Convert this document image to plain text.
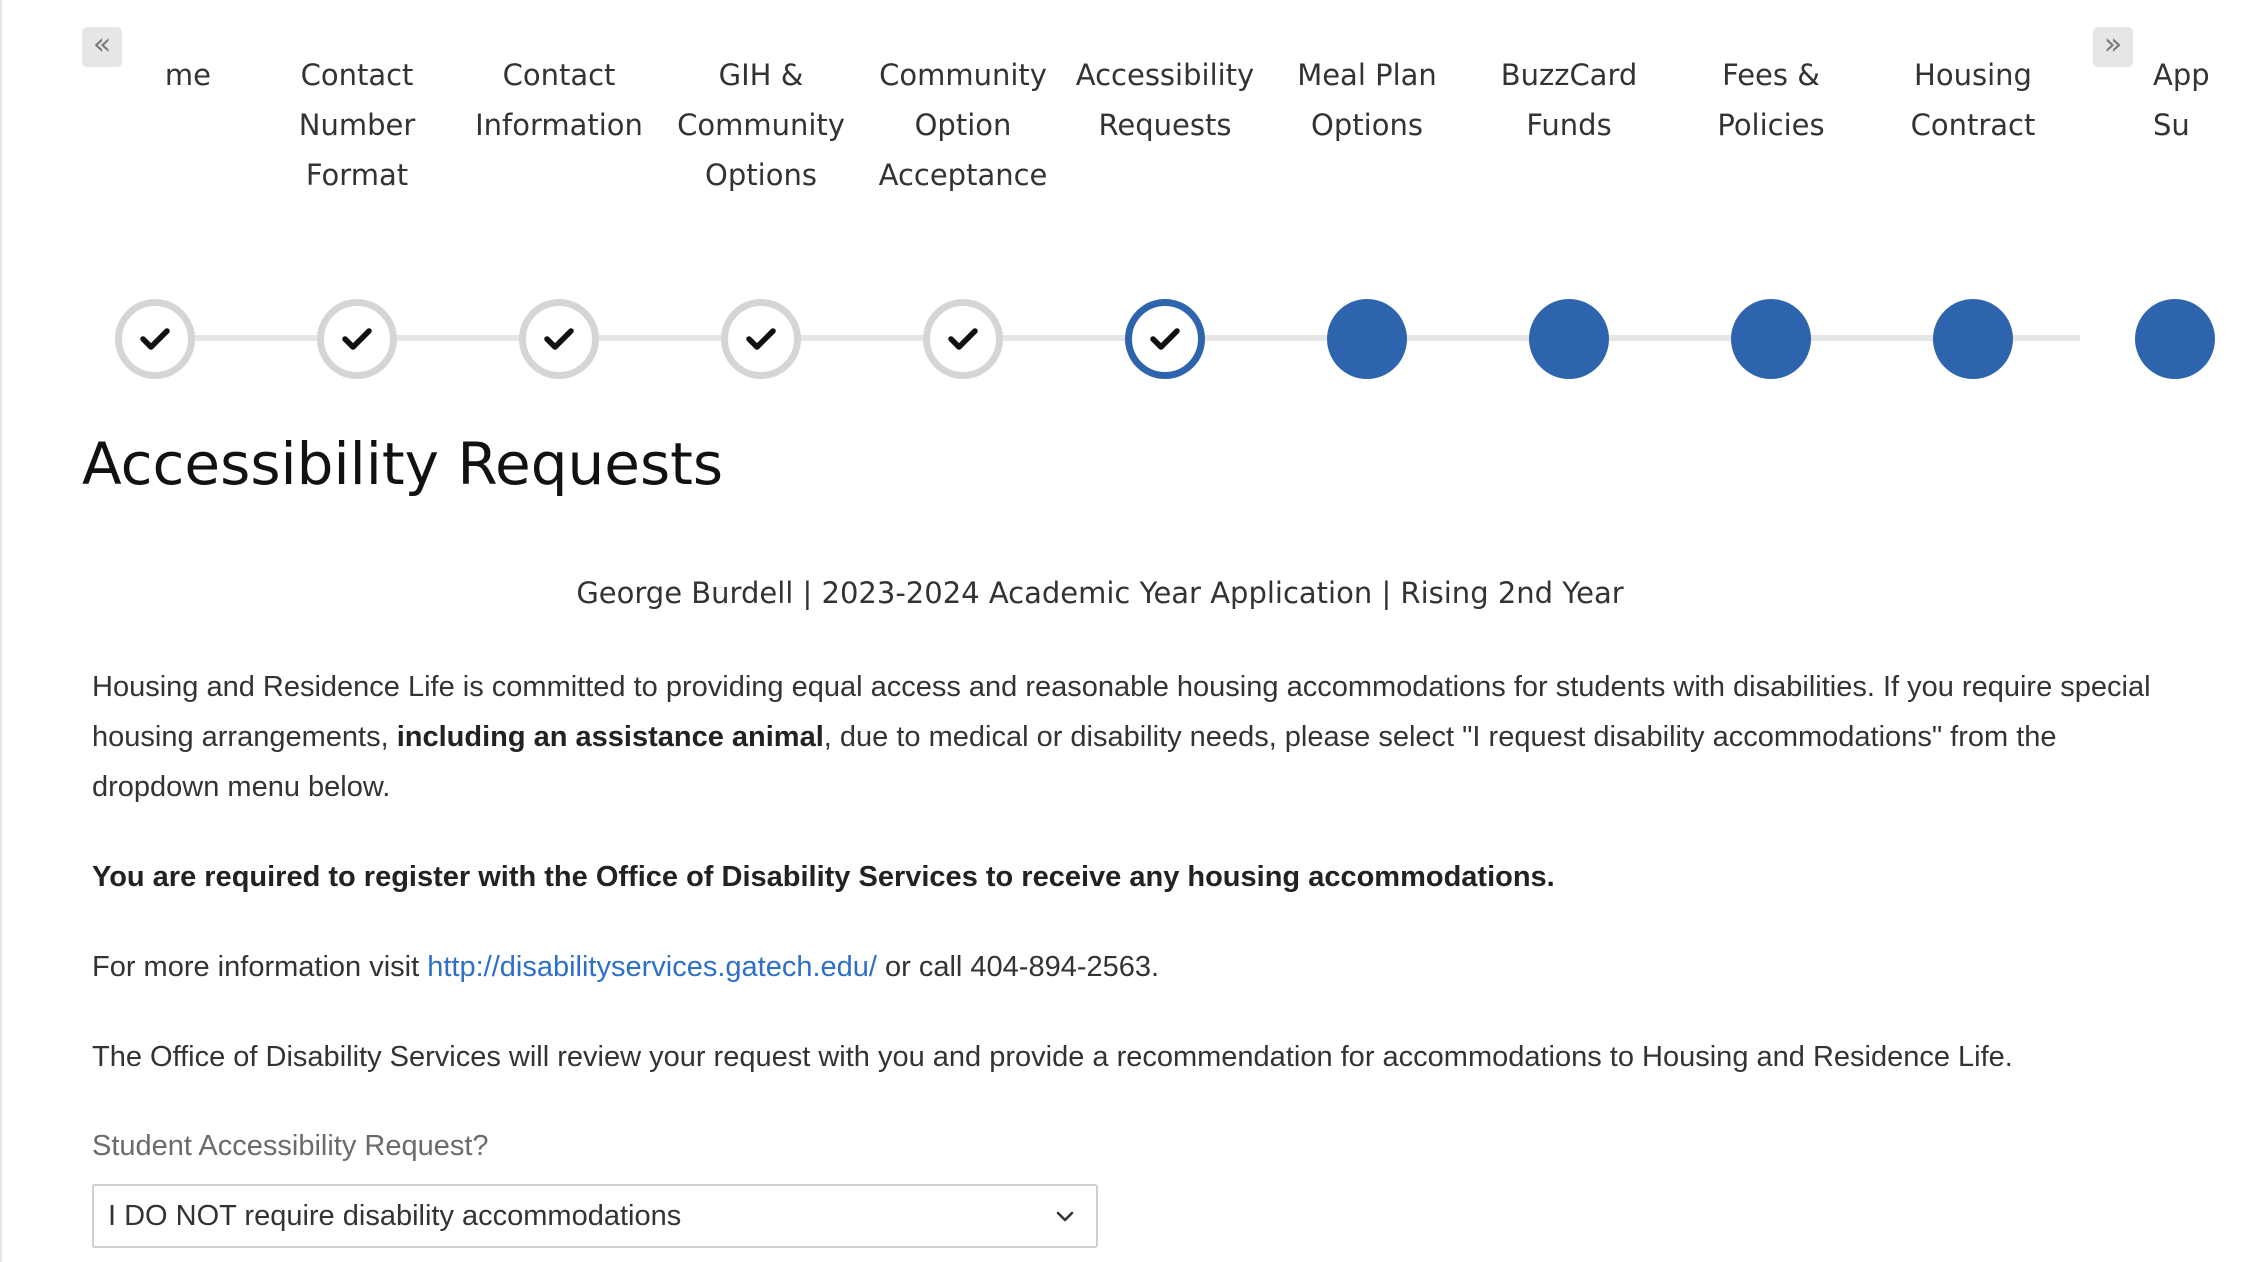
«	»
me	Contact Number Format
Contact Information
GIH & Community Options
Community Option Acceptance
Accessibility Requests
Meal Plan Options
BuzzCard Funds
Fees & Policies
Housing Contract
App Su
Accessibility Requests
George Burdell | 2023-2024 Academic Year Application | Rising 2nd Year

Housing and Residence Life is committed to providing equal access and reasonable housing accommodations for students with disabilities. If you require special housing arrangements, including an assistance animal, due to medical or disability needs, please select "I request disability accommodations" from the dropdown menu below.

You are required to register with the Office of Disability Services to receive any housing accommodations.

For more information visit http://disabilityservices.gatech.edu/ or call 404-894-2563.

The Office of Disability Services will review your request with you and provide a recommendation for accommodations to Housing and Residence Life.

Student Accessibility Request?
I DO NOT require disability accommodations
